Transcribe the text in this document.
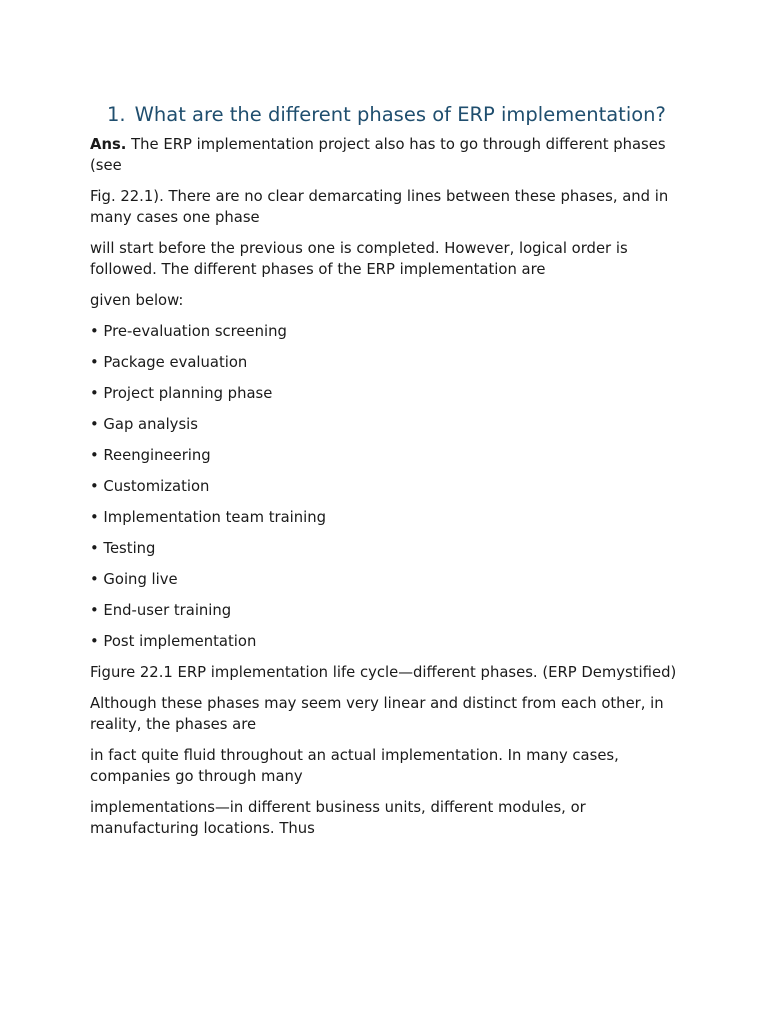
1. What are the different phases of ERP implementation?

Ans. The ERP implementation project also has to go through different phases (see

Fig. 22.1). There are no clear demarcating lines between these phases, and in many cases one phase

will start before the previous one is completed. However, logical order is followed. The different phases of the ERP implementation are

given below:

• Pre-evaluation screening
• Package evaluation
• Project planning phase
• Gap analysis
• Reengineering
• Customization
• Implementation team training
• Testing
• Going live
• End-user training
• Post implementation

Figure 22.1 ERP implementation life cycle—different phases. (ERP Demystified)

Although these phases may seem very linear and distinct from each other, in reality, the phases are

in fact quite fluid throughout an actual implementation. In many cases, companies go through many

implementations—in different business units, different modules, or manufacturing locations. Thus
